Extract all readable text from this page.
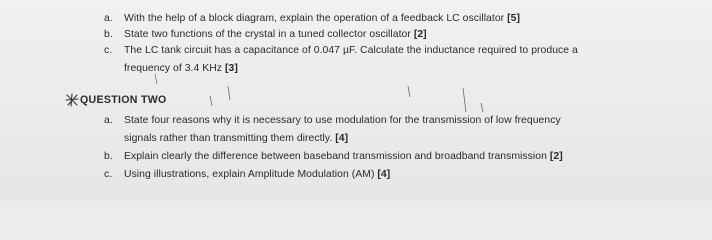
a. With the help of a block diagram, explain the operation of a feedback LC oscillator [5]
b. State two functions of the crystal in a tuned collector oscillator [2]
c. The LC tank circuit has a capacitance of 0.047 µF. Calculate the inductance required to produce a
frequency of 3.4 KHz [3]
QUESTION TWO
a. State four reasons why it is necessary to use modulation for the transmission of low frequency
signals rather than transmitting them directly. [4]
b. Explain clearly the difference between baseband transmission and broadband transmission [2]
c. Using illustrations, explain Amplitude Modulation (AM) [4]
